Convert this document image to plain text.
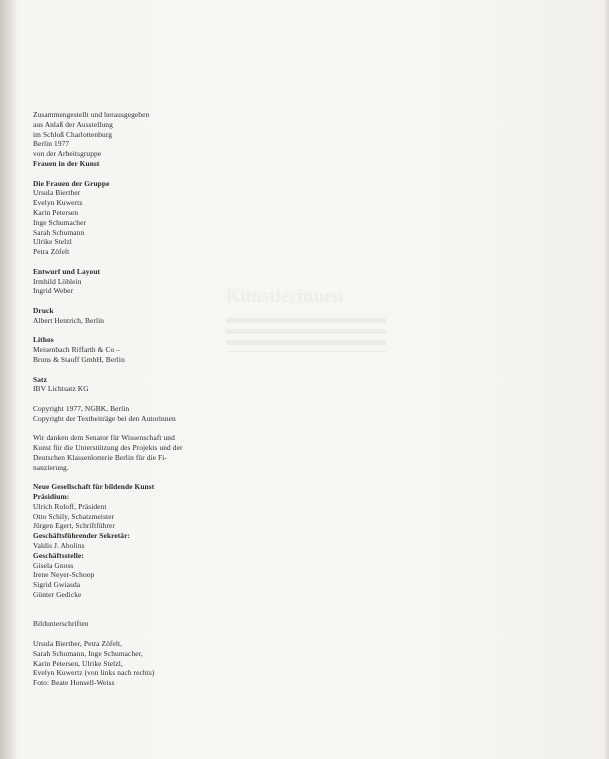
Künstlerinnen

Zusammengestellt und herausgegeben

aus Anlaß der Ausstellung

im Schloß Charlottenburg

Berlin 1977

von der Arbeitsgruppe

Frauen in der Kunst

Die Frauen der Gruppe

Ursula Bierther

Evelyn Kuwertz

Karin Petersen

Inge Schumacher

Sarah Schumann

Ulrike Stelzl

Petra Zöfelt

Entwurf und Layout

Irmhild Löhlein

Ingrid Weber

Druck

Albert Hentrich, Berlin

Lithos

Meisenbach Riffarth & Co –

Bruns & Stauff GmbH, Berlin

Satz

IBV Lichtsatz KG

Copyright 1977, NGBK, Berlin

Copyright der Textbeiträge bei den Autorinnen

Wir danken dem Senator für Wissenschaft und

Kunst für die Unterstützung des Projekts und der

Deutschen Klassenlotterie Berlin für die Fi-

nanzierung.

Neue Gesellschaft für bildende Kunst

Präsidium:

Ulrich Roloff, Präsident

Otto Schily, Schatzmeister

Jürgen Egert, Schriftführer

Geschäftsführender Sekretär:

Valdis J. Abolins

Geschäftsstelle:

Gisela Gnoss

Irene Neyer-Schoop

Sigrid Gwiasda

Günter Gedicke

Bildunterschriften

Ursula Bierther, Petra Zöfelt,

Sarah Schumann, Inge Schumacher,

Karin Petersen, Ulrike Stelzl,

Evelyn Kuwertz (von links nach rechts)

Foto: Beate Honsell-Weiss
